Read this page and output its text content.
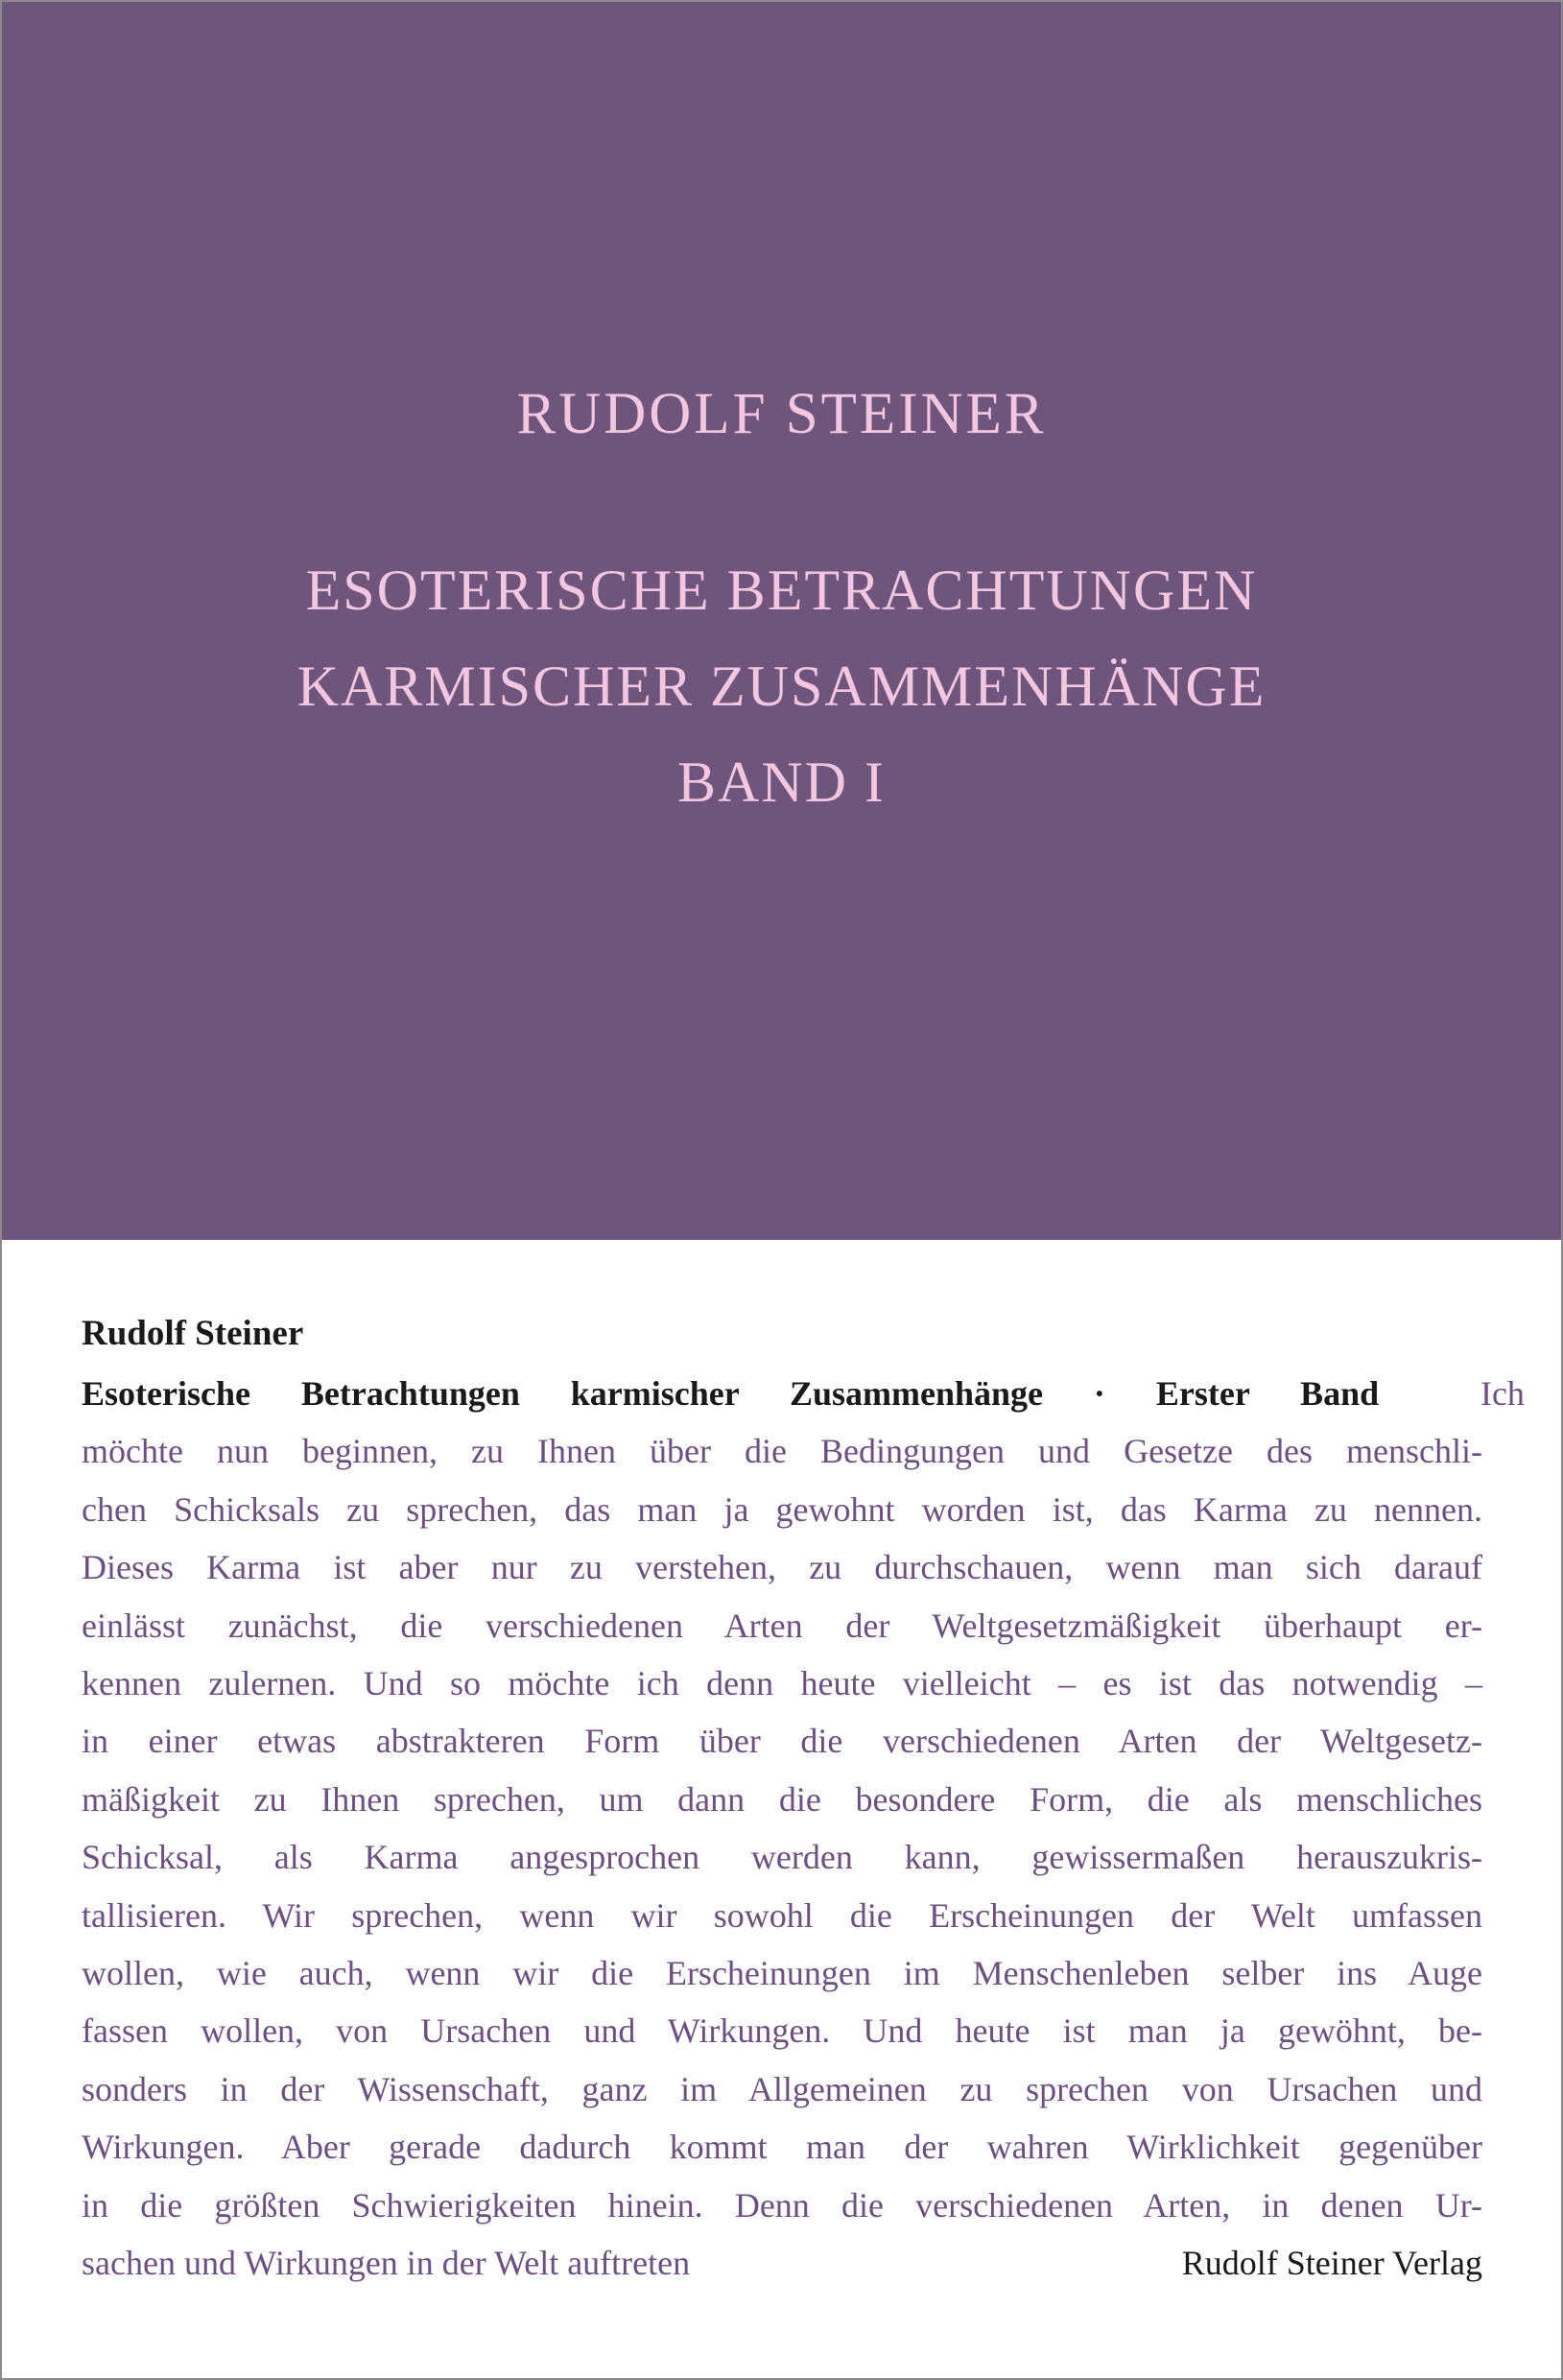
RUDOLF STEINER
ESOTERISCHE BETRACHTUNGEN
KARMISCHER ZUSAMMENHÄNGE
BAND I
Rudolf Steiner
Esoterische Betrachtungen karmischer Zusammenhänge · Erster Band	Ich
möchte nun beginnen, zu Ihnen über die Bedingungen und Gesetze des menschli-
chen Schicksals zu sprechen, das man ja gewohnt worden ist, das Karma zu nennen.
Dieses Karma ist aber nur zu verstehen, zu durchschauen, wenn man sich darauf
einlässt zunächst, die verschiedenen Arten der Weltgesetzmäßigkeit überhaupt er-
kennen zulernen. Und so möchte ich denn heute vielleicht – es ist das notwendig –
in einer etwas abstrakteren Form über die verschiedenen Arten der Weltgesetz-
mäßigkeit zu Ihnen sprechen, um dann die besondere Form, die als menschliches
Schicksal, als Karma angesprochen werden kann, gewissermaßen herauszukris-
tallisieren. Wir sprechen, wenn wir sowohl die Erscheinungen der Welt umfassen
wollen, wie auch, wenn wir die Erscheinungen im Menschenleben selber ins Auge
fassen wollen, von Ursachen und Wirkungen. Und heute ist man ja gewöhnt, be-
sonders in der Wissenschaft, ganz im Allgemeinen zu sprechen von Ursachen und
Wirkungen. Aber gerade dadurch kommt man der wahren Wirklichkeit gegenüber
in die größten Schwierigkeiten hinein. Denn die verschiedenen Arten, in denen Ur-
sachen und Wirkungen in der Welt auftreten	Rudolf Steiner Verlag
